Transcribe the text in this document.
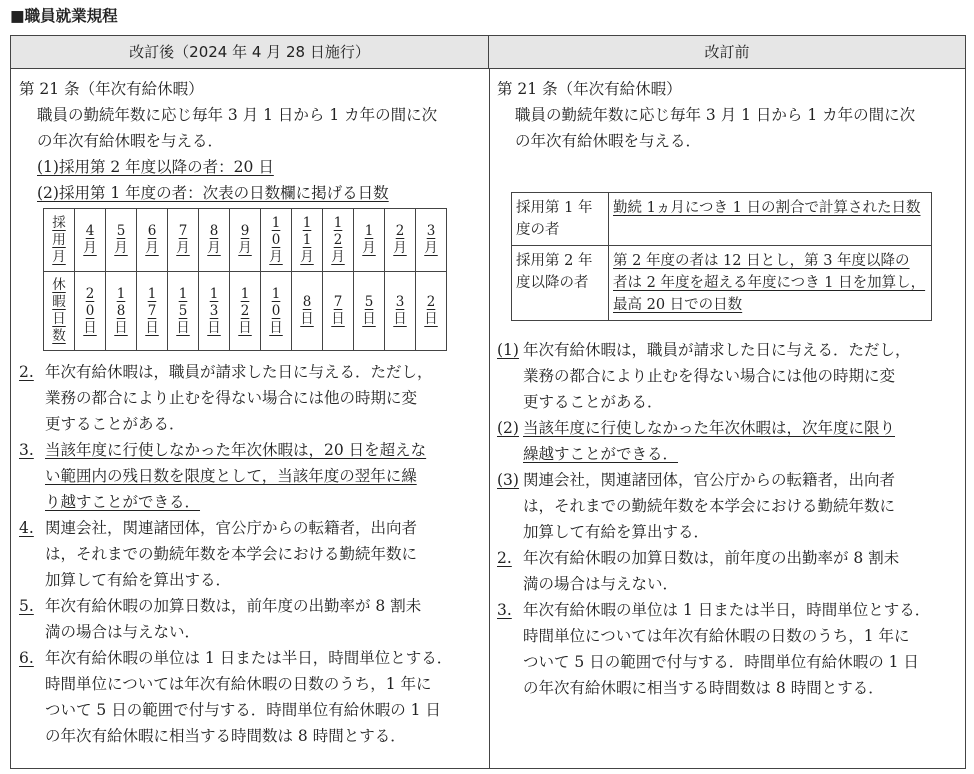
■職員就業規程
改訂後（2024 年 4 月 28 日施行）	改訂前
第 21 条（年次有給休暇）
職員の勤続年数に応じ毎年 3 月 1 日から 1 カ年の間に次
の年次有給休暇を与える．
(1)採用第 2 年度以降の者：20 日
(2)採用第 1 年度の者：次表の日数欄に掲げる日数
採用月	4月	5月	6月	7月	8月	9月	10月	11月	12月	1月	2月	3月
休暇日数	20日	18日	17日	15日	13日	12日	10日	8日	7日	5日	3日	2日
2. 年次有給休暇は，職員が請求した日に与える．ただし，
業務の都合により止むを得ない場合には他の時期に変
更することがある．
3. 当該年度に行使しなかった年次休暇は，20 日を超えな
い範囲内の残日数を限度として，当該年度の翌年に繰
り越すことができる．
4. 関連会社，関連諸団体，官公庁からの転籍者，出向者
は，それまでの勤続年数を本学会における勤続年数に
加算して有給を算出する．
5. 年次有給休暇の加算日数は，前年度の出勤率が 8 割未
満の場合は与えない．
6. 年次有給休暇の単位は 1 日または半日，時間単位とする．
時間単位については年次有給休暇の日数のうち，1 年に
ついて 5 日の範囲で付与する．時間単位有給休暇の 1 日
の年次有給休暇に相当する時間数は 8 時間とする．
第 21 条（年次有給休暇）
職員の勤続年数に応じ毎年 3 月 1 日から 1 カ年の間に次
の年次有給休暇を与える．
採用第 1 年度の者	勤続 1ヵ月につき 1 日の割合で計算された日数
採用第 2 年度以降の者	第 2 年度の者は 12 日とし，第 3 年度以降の
者は 2 年度を超える年度につき 1 日を加算し，
最高 20 日での日数
(1) 年次有給休暇は，職員が請求した日に与える．ただし，
業務の都合により止むを得ない場合には他の時期に変
更することがある．
(2) 当該年度に行使しなかった年次休暇は，次年度に限り
繰越すことができる．
(3) 関連会社，関連諸団体，官公庁からの転籍者，出向者
は，それまでの勤続年数を本学会における勤続年数に
加算して有給を算出する．
2. 年次有給休暇の加算日数は，前年度の出勤率が 8 割未
満の場合は与えない．
3. 年次有給休暇の単位は 1 日または半日，時間単位とする．
時間単位については年次有給休暇の日数のうち，1 年に
ついて 5 日の範囲で付与する．時間単位有給休暇の 1 日
の年次有給休暇に相当する時間数は 8 時間とする．
